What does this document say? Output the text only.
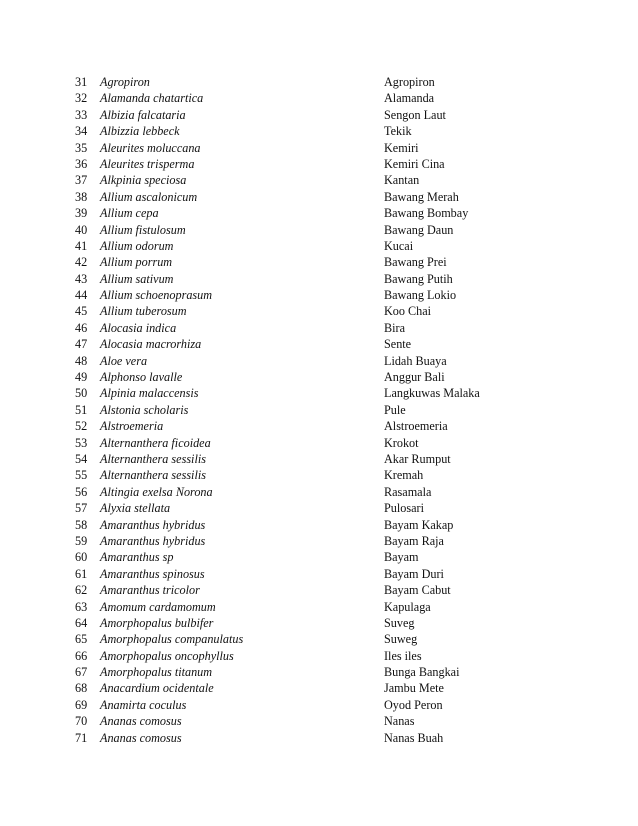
31	Agropiron	Agropiron
32	Alamanda chatartica	Alamanda
33	Albizia falcataria	Sengon Laut
34	Albizzia lebbeck	Tekik
35	Aleurites moluccana	Kemiri
36	Aleurites trisperma	Kemiri Cina
37	Alkpinia speciosa	Kantan
38	Allium ascalonicum	Bawang Merah
39	Allium cepa	Bawang Bombay
40	Allium fistulosum	Bawang Daun
41	Allium odorum	Kucai
42	Allium porrum	Bawang Prei
43	Allium sativum	Bawang Putih
44	Allium schoenoprasum	Bawang Lokio
45	Allium tuberosum	Koo Chai
46	Alocasia indica	Bira
47	Alocasia macrorhiza	Sente
48	Aloe vera	Lidah Buaya
49	Alphonso lavalle	Anggur Bali
50	Alpinia malaccensis	Langkuwas Malaka
51	Alstonia scholaris	Pule
52	Alstroemeria	Alstroemeria
53	Alternanthera ficoidea	Krokot
54	Alternanthera sessilis	Akar Rumput
55	Alternanthera sessilis	Kremah
56	Altingia exelsa Norona	Rasamala
57	Alyxia stellata	Pulosari
58	Amaranthus hybridus	Bayam Kakap
59	Amaranthus hybridus	Bayam Raja
60	Amaranthus sp	Bayam
61	Amaranthus spinosus	Bayam Duri
62	Amaranthus tricolor	Bayam Cabut
63	Amomum cardamomum	Kapulaga
64	Amorphopalus bulbifer	Suveg
65	Amorphopalus companulatus	Suweg
66	Amorphopalus oncophyllus	Iles iles
67	Amorphopalus titanum	Bunga Bangkai
68	Anacardium ocidentale	Jambu Mete
69	Anamirta coculus	Oyod Peron
70	Ananas comosus	Nanas
71	Ananas comosus	Nanas Buah
